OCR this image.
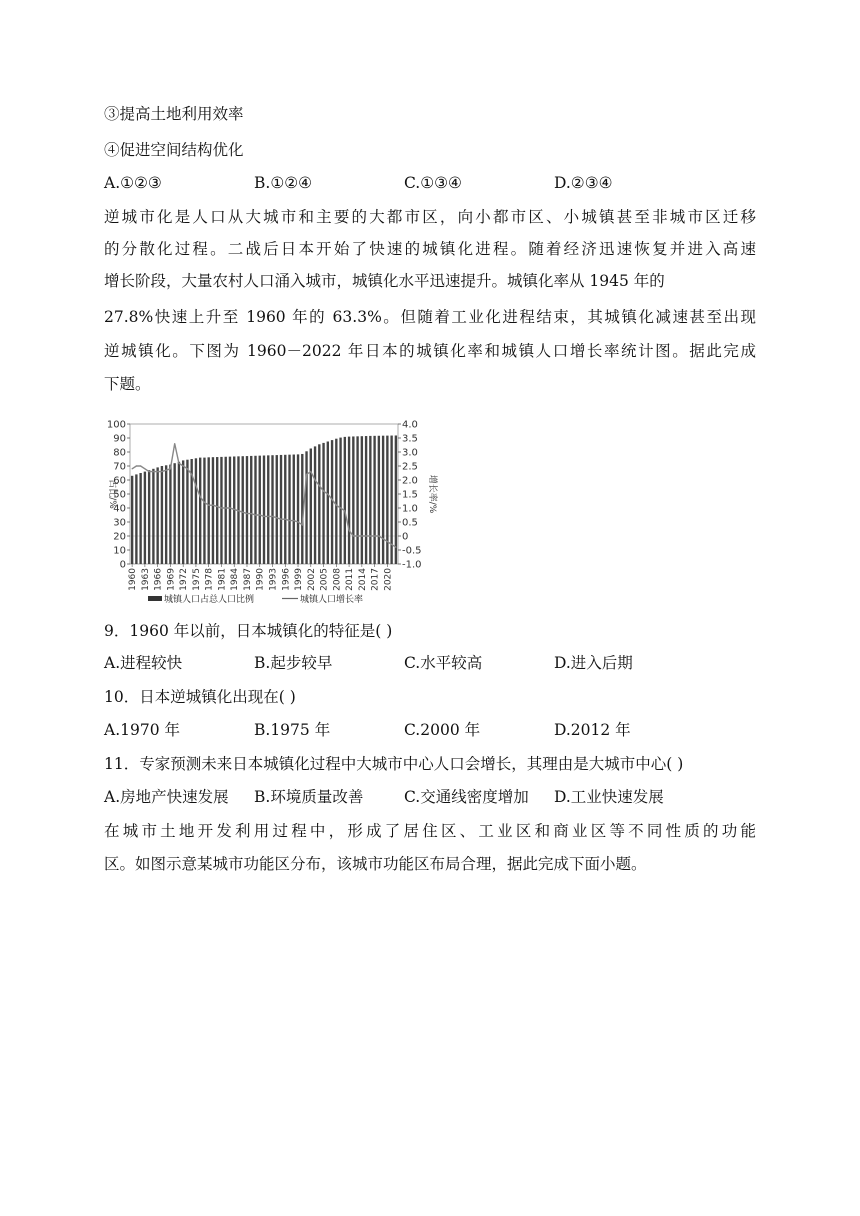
③提高土地利用效率
④促进空间结构优化
A.①②③	B.①②④	C.①③④	D.②③④
逆城市化是人口从大城市和主要的大都市区，向小都市区、小城镇甚至非城市区迁移
的分散化过程。二战后日本开始了快速的城镇化进程。随着经济迅速恢复并进入高速
增长阶段，大量农村人口涌入城市，城镇化水平迅速提升。城镇化率从 1945 年的
27.8%快速上升至 1960 年的 63.3%。但随着工业化进程结束，其城镇化减速甚至出现
逆城镇化。下图为 1960－2022 年日本的城镇化率和城镇人口增长率统计图。据此完成
下题。
0
10
20
30
40
50
60
70
80
90
100
-1.0
-0.5
0
0.5
1.0
1.5
2.0
2.5
3.0
3.5
4.0
1960 1963 1966 1969 1972 1975 1978 1981 1984 1987 1990 1993 1996 1999 2002 2005 2008 2011 2014 2017 2020
占比/%	增长率/%
城镇人口占总人口比例	城镇人口增长率
9．1960 年以前，日本城镇化的特征是( )
A.进程较快	B.起步较早	C.水平较高	D.进入后期
10．日本逆城镇化出现在( )
A.1970 年	B.1975 年	C.2000 年	D.2012 年
11．专家预测未来日本城镇化过程中大城市中心人口会增长，其理由是大城市中心( )
A.房地产快速发展 B.环境质量改善	C.交通线密度增加 D.工业快速发展
在城市土地开发利用过程中，形成了居住区、工业区和商业区等不同性质的功能
区。如图示意某城市功能区分布，该城市功能区布局合理，据此完成下面小题。
